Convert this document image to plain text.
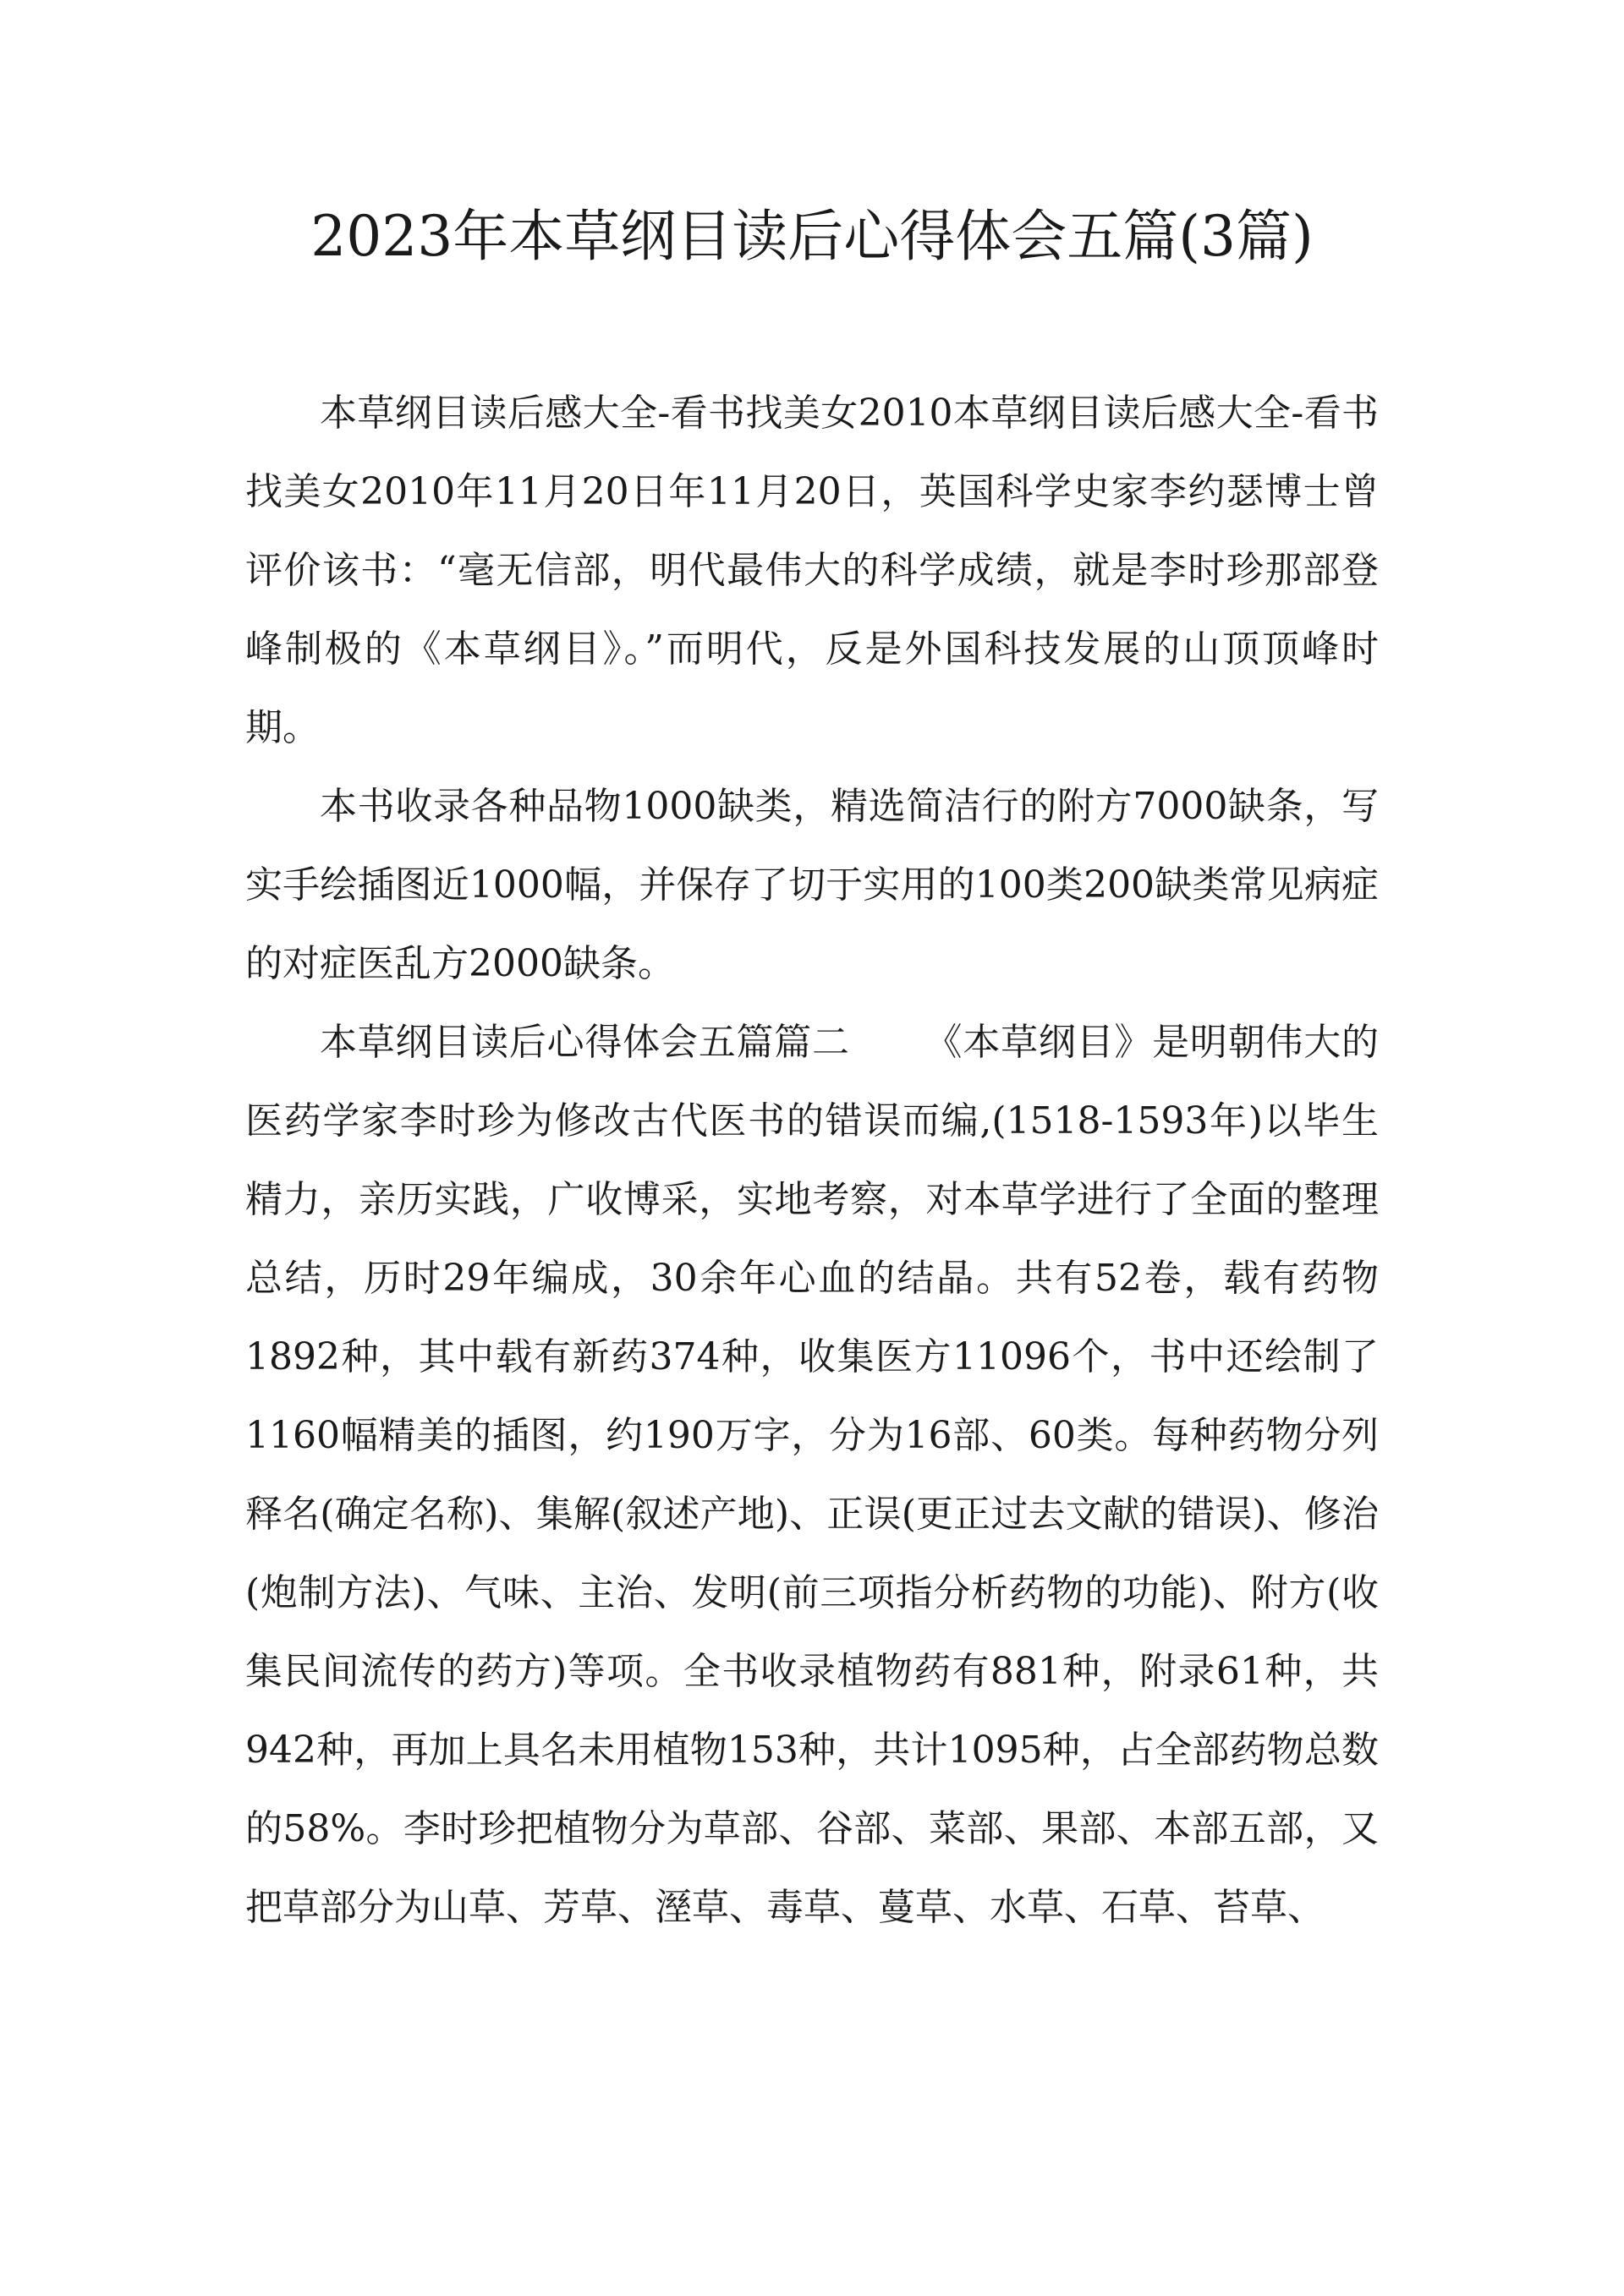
2023年本草纲目读后心得体会五篇(3篇)

本草纲目读后感大全-看书找美女2010本草纲目读后感大全-看书找美女2010年11月20日年11月20日，英国科学史家李约瑟博士曾评价该书：“毫无信部，明代最伟大的科学成绩，就是李时珍那部登峰制极的《本草纲目》。”而明代，反是外国科技发展的山顶顶峰时期。

本书收录各种品物1000缺类，精选简洁行的附方7000缺条，写实手绘插图近1000幅，并保存了切于实用的100类200缺类常见病症的对症医乱方2000缺条。

本草纲目读后心得体会五篇篇二 《本草纲目》是明朝伟大的医药学家李时珍为修改古代医书的错误而编,(1518-1593年)以毕生精力，亲历实践，广收博采，实地考察，对本草学进行了全面的整理总结，历时29年编成，30余年心血的结晶。共有52卷，载有药物1892种，其中载有新药374种，收集医方11096个，书中还绘制了1160幅精美的插图，约190万字，分为16部、60类。每种药物分列释名(确定名称)、集解(叙述产地)、正误(更正过去文献的错误)、修治(炮制方法)、气味、主治、发明(前三项指分析药物的功能)、附方(收集民间流传的药方)等项。全书收录植物药有881种，附录61种，共942种，再加上具名未用植物153种，共计1095种，占全部药物总数的58%。李时珍把植物分为草部、谷部、菜部、果部、本部五部，又把草部分为山草、芳草、溼草、毒草、蔓草、水草、石草、苔草、
